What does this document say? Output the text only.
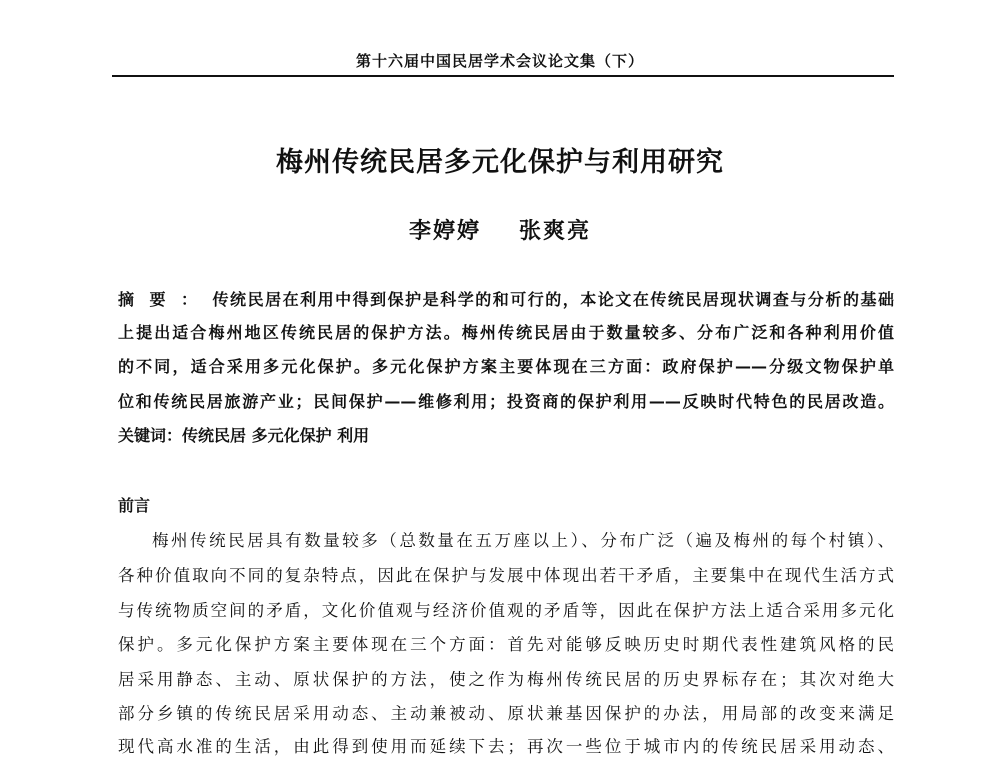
第十六届中国民居学术会议论文集（下）
梅州传统民居多元化保护与利用研究
李婷婷 张爽亮
摘要：传统民居在利用中得到保护是科学的和可行的，本论文在传统民居现状调查与分析的基础
上提出适合梅州地区传统民居的保护方法。梅州传统民居由于数量较多、分布广泛和各种利用价值
的不同，适合采用多元化保护。多元化保护方案主要体现在三方面：政府保护——分级文物保护单
位和传统民居旅游产业；民间保护——维修利用；投资商的保护利用——反映时代特色的民居改造。
关键词：传统民居 多元化保护 利用
前言
梅州传统民居具有数量较多（总数量在五万座以上）、分布广泛（遍及梅州的每个村镇）、
各种价值取向不同的复杂特点，因此在保护与发展中体现出若干矛盾，主要集中在现代生活方式
与传统物质空间的矛盾，文化价值观与经济价值观的矛盾等，因此在保护方法上适合采用多元化
保护。多元化保护方案主要体现在三个方面：首先对能够反映历史时期代表性建筑风格的民
居采用静态、主动、原状保护的方法，使之作为梅州传统民居的历史界标存在；其次对绝大
部分乡镇的传统民居采用动态、主动兼被动、原状兼基因保护的办法，用局部的改变来满足
现代高水准的生活，由此得到使用而延续下去；再次一些位于城市内的传统民居采用动态、
